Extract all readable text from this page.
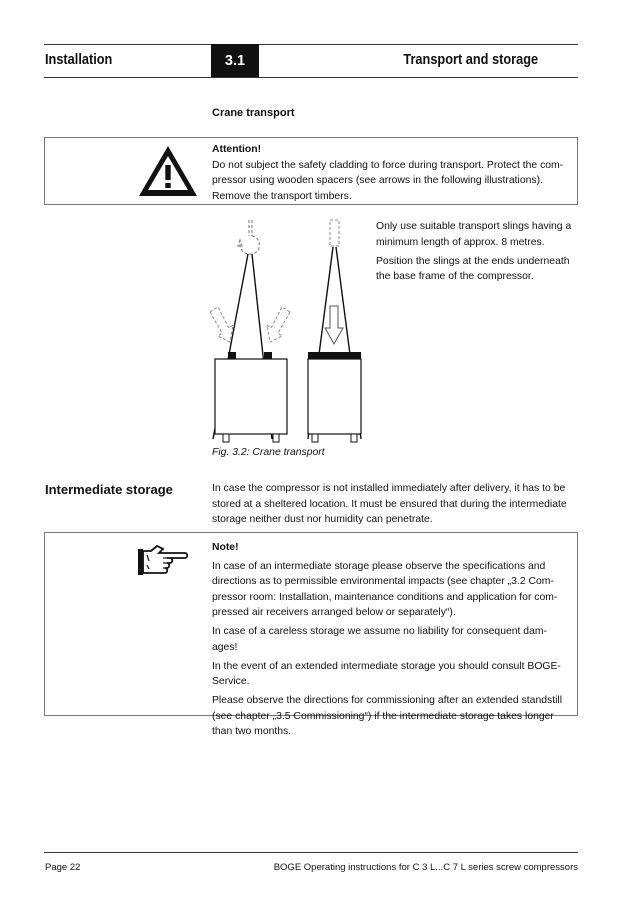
Installation	3.1	Transport and storage
Crane transport
Attention!
Do not subject the safety cladding to force during transport. Protect the com-
pressor using wooden spacers (see arrows in the following illustrations).
Remove the transport timbers.

Only use suitable transport slings having a
minimum length of approx. 8 metres.

Position the slings at the ends underneath
the base frame of the compressor.

Fig. 3.2: Crane transport
Intermediate storage	In case the compressor is not installed immediately after delivery, it has to be
stored at a sheltered location. It must be ensured that during the intermediate
storage neither dust nor humidity can penetrate.
Note!

In case of an intermediate storage please observe the specifications and
directions as to permissible environmental impacts (see chapter „3.2 Com-
pressor room: Installation, maintenance conditions and application for com-
pressed air receivers arranged below or separately“).

In case of a careless storage we assume no liability for consequent dam-
ages!

In the event of an extended intermediate storage you should consult BOGE-
Service.

Please observe the directions for commissioning after an extended standstill
(see chapter „3.5 Commissioning“) if the intermediate storage takes longer
than two months.

Page 22	BOGE Operating instructions for C 3 L...C 7 L series screw compressors
